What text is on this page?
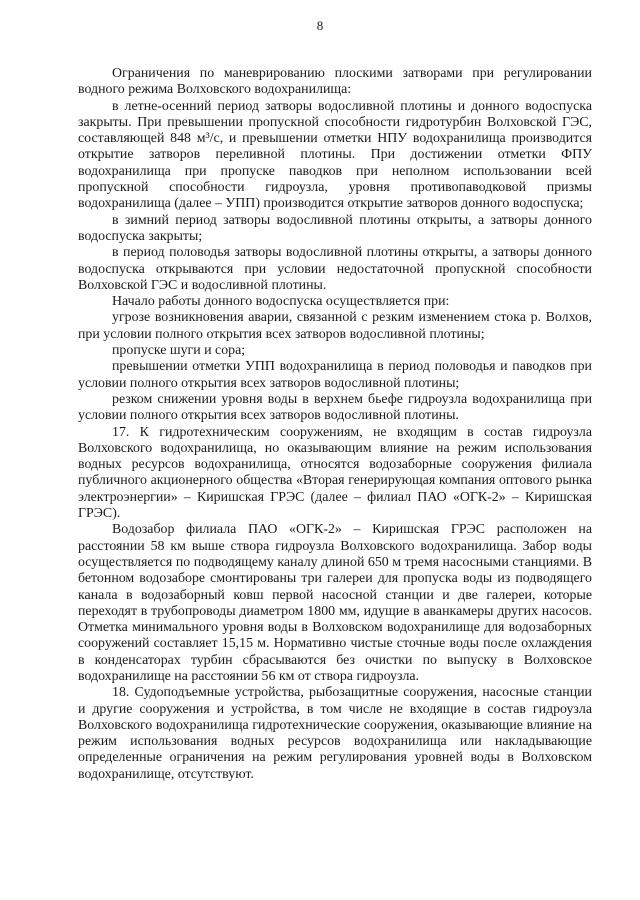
8

Ограничения по маневрированию плоскими затворами при регулировании водного режима Волховского водохранилища:

в летне-осенний период затворы водосливной плотины и донного водоспуска закрыты. При превышении пропускной способности гидротурбин Волховской ГЭС, составляющей 848 м³/с, и превышении отметки НПУ водохранилища производится открытие затворов переливной плотины. При достижении отметки ФПУ водохранилища при пропуске паводков при неполном использовании всей пропускной способности гидроузла, уровня противопаводковой призмы водохранилища (далее – УПП) производится открытие затворов донного водоспуска;

в зимний период затворы водосливной плотины открыты, а затворы донного водоспуска закрыты;

в период половодья затворы водосливной плотины открыты, а затворы донного водоспуска открываются при условии недостаточной пропускной способности Волховской ГЭС и водосливной плотины.

Начало работы донного водоспуска осуществляется при:

угрозе возникновения аварии, связанной с резким изменением стока р. Волхов, при условии полного открытия всех затворов водосливной плотины;

пропуске шуги и сора;

превышении отметки УПП водохранилища в период половодья и паводков при условии полного открытия всех затворов водосливной плотины;

резком снижении уровня воды в верхнем бьефе гидроузла водохранилища при условии полного открытия всех затворов водосливной плотины.

17. К гидротехническим сооружениям, не входящим в состав гидроузла Волховского водохранилища, но оказывающим влияние на режим использования водных ресурсов водохранилища, относятся водозаборные сооружения филиала публичного акционерного общества «Вторая генерирующая компания оптового рынка электроэнергии» – Киришская ГРЭС (далее – филиал ПАО «ОГК-2» – Киришская ГРЭС).

Водозабор филиала ПАО «ОГК-2» – Киришская ГРЭС расположен на расстоянии 58 км выше створа гидроузла Волховского водохранилища. Забор воды осуществляется по подводящему каналу длиной 650 м тремя насосными станциями. В бетонном водозаборе смонтированы три галереи для пропуска воды из подводящего канала в водозаборный ковш первой насосной станции и две галереи, которые переходят в трубопроводы диаметром 1800 мм, идущие в аванкамеры других насосов. Отметка минимального уровня воды в Волховском водохранилище для водозаборных сооружений составляет 15,15 м. Нормативно чистые сточные воды после охлаждения в конденсаторах турбин сбрасываются без очистки по выпуску в Волховское водохранилище на расстоянии 56 км от створа гидроузла.

18. Судоподъемные устройства, рыбозащитные сооружения, насосные станции и другие сооружения и устройства, в том числе не входящие в состав гидроузла Волховского водохранилища гидротехнические сооружения, оказывающие влияние на режим использования водных ресурсов водохранилища или накладывающие определенные ограничения на режим регулирования уровней воды в Волховском водохранилище, отсутствуют.
